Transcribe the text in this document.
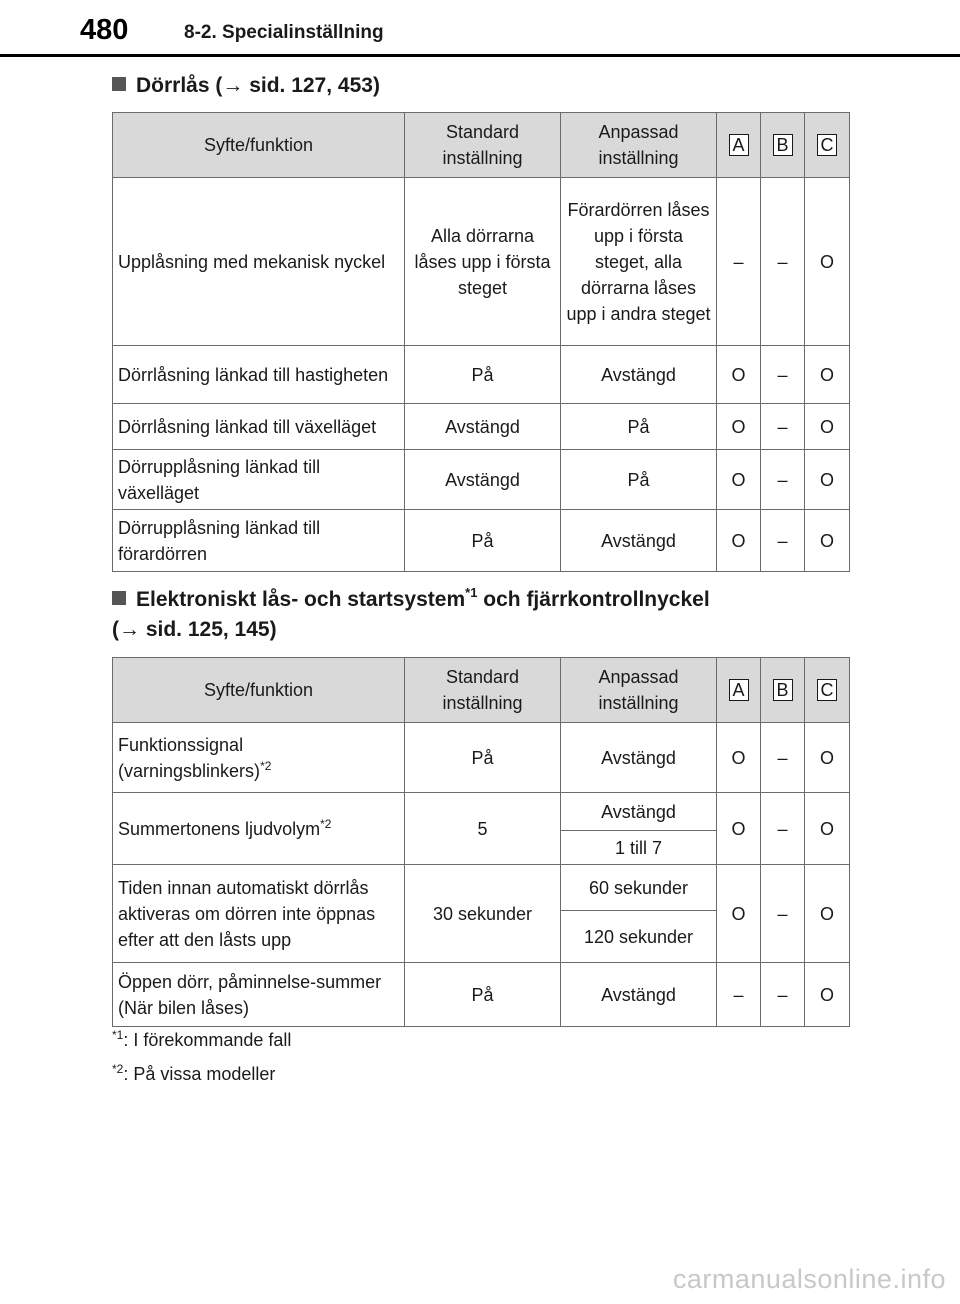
480	8-2. Specialinställning
Dörrlås (→ sid. 127, 453)
Syfte/funktion	Standard inställning	Anpassad inställning	A	B	C
Upplåsning med mekanisk nyckel	Alla dörrarna låses upp i första steget	Förardörren låses upp i första steget, alla dörrarna låses upp i andra steget	–	–	O
Dörrlåsning länkad till hastigheten	På	Avstängd	O	–	O
Dörrlåsning länkad till växelläget	Avstängd	På	O	–	O
Dörrupplåsning länkad till växelläget	Avstängd	På	O	–	O
Dörrupplåsning länkad till förardörren	På	Avstängd	O	–	O
Elektroniskt lås- och startsystem$^{*1}$ och fjärrkontrollnyckel
(→ sid. 125, 145)
Syfte/funktion	Standard inställning	Anpassad inställning	A	B	C
Funktionssignal (varningsblinkers)$^{*2}$	På	Avstängd	O	–	O
Summertonens ljudvolym$^{*2}$	5	Avstängd	O	–	O
		1 till 7			
Tiden innan automatiskt dörrlås aktiveras om dörren inte öppnas efter att den låsts upp	30 sekunder	60 sekunder	O	–	O
		120 sekunder			
Öppen dörr, påminnelse-summer (När bilen låses)	På	Avstängd	–	–	O
$^{*1}$: I förekommande fall
$^{*2}$: På vissa modeller
carmanualsonline.info
